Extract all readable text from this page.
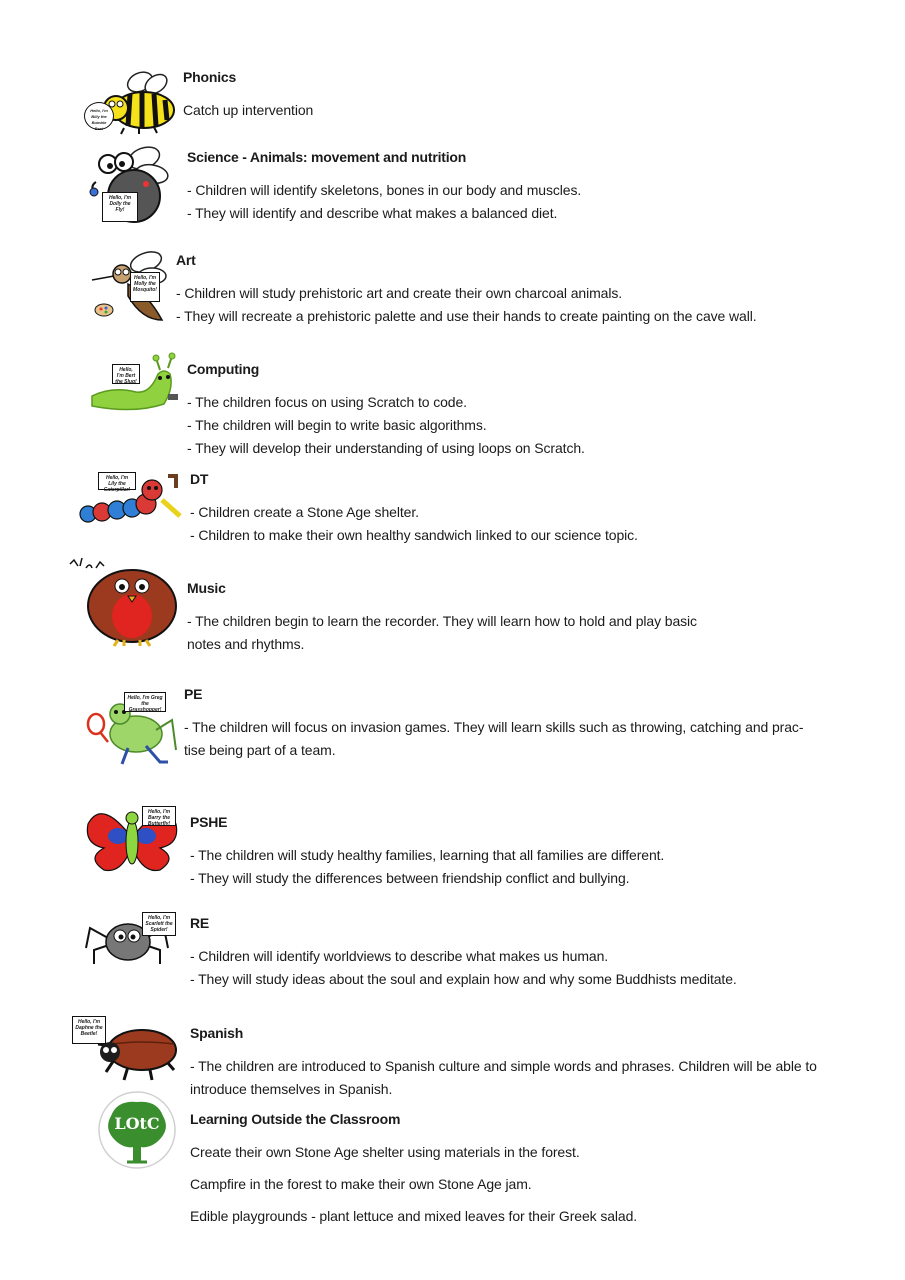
Hello, I'm Billy the Bumble Bee!
Phonics
Catch up intervention
Hello, I'm Dolly the Fly!
Science - Animals: movement and nutrition
- Children will identify skeletons, bones in our body and muscles.
- They will identify and describe what makes a balanced diet.
Hello, I'm Molly the Mosquito!
Art
- Children will study prehistoric art and create their own charcoal animals.
- They will recreate a prehistoric palette and use their hands to create painting on the cave wall.
Hello, I'm Bert the Slug!
Computing
- The children focus on using Scratch to code.
- The children will begin to write basic algorithms.
- They will develop their understanding of using loops on Scratch.
Hello, I'm Lily the Caterpillar!
DT
- Children create a Stone Age shelter.
- Children to make their own healthy sandwich linked to our science topic.
Music
- The children begin to learn the recorder. They will learn how to hold and play basic
notes and rhythms.
Hello, I'm Greg the Grasshopper!
PE
- The children will focus on invasion games. They will learn skills such as throwing, catching and prac-
tise being part of a team.
Hello, I'm Barry the Butterfly!	PSHE
- The children will study healthy families, learning that all families are different.
- They will study the differences between friendship conflict and bullying.
Hello, I'm Scarlett the Spider!	RE
- Children will identify worldviews to describe what makes us human.
- They will study ideas about the soul and explain how and why some Buddhists meditate.
Hello, I'm Daphne the Beetle!	Spanish
- The children are introduced to Spanish culture and simple words and phrases. Children will be able to
introduce themselves in Spanish.
LOtC Learning Outside the Classroom
Create their own Stone Age shelter using materials in the forest.
Campfire in the forest to make their own Stone Age jam.
Edible playgrounds - plant lettuce and mixed leaves for their Greek salad.
